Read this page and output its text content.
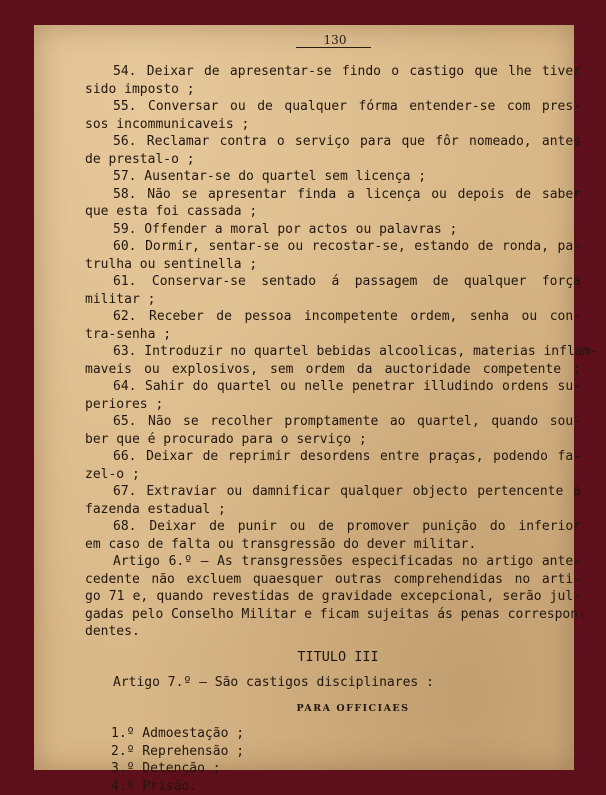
130
54. Deixar de apresentar-se findo o castigo que lhe tiver
sido imposto ;
55. Conversar ou de qualquer fórma entender-se com pres-
sos incommunicaveis ;
56. Reclamar contra o serviço para que fôr nomeado, antes
de prestal-o ;
57. Ausentar-se do quartel sem licença ;
58. Não se apresentar finda a licença ou depois de saber
que esta foi cassada ;
59. Offender a moral por actos ou palavras ;
60. Dormir, sentar-se ou recostar-se, estando de ronda, pa-
trulha ou sentinella ;
61. Conservar-se sentado á passagem de qualquer força
militar ;
62. Receber de pessoa incompetente ordem, senha ou con-
tra-senha ;
63. Introduzir no quartel bebidas alcoolicas, materias inflam-
maveis ou explosivos, sem ordem da auctoridade competente ;
64. Sahir do quartel ou nelle penetrar illudindo ordens su-
periores ;
65. Não se recolher promptamente ao quartel, quando sou-
ber que é procurado para o serviço ;
66. Deixar de reprimir desordens entre praças, podendo fa-
zel-o ;
67. Extraviar ou damnificar qualquer objecto pertencente á
fazenda estadual ;
68. Deixar de punir ou de promover punição do inferior
em caso de falta ou transgressão do dever militar.
Artigo 6.º — As transgressões especificadas no artigo ante-
cedente não excluem quaesquer outras comprehendidas no arti-
go 71 e, quando revestidas de gravidade excepcional, serão jul-
gadas pelo Conselho Militar e ficam sujeitas ás penas correspon-
dentes.
TITULO III
Artigo 7.º — São castigos disciplinares :
PARA OFFICIAES
1.º Admoestação ;
2.º Reprehensão ;
3.º Detenção ;
4.º Prisão.
